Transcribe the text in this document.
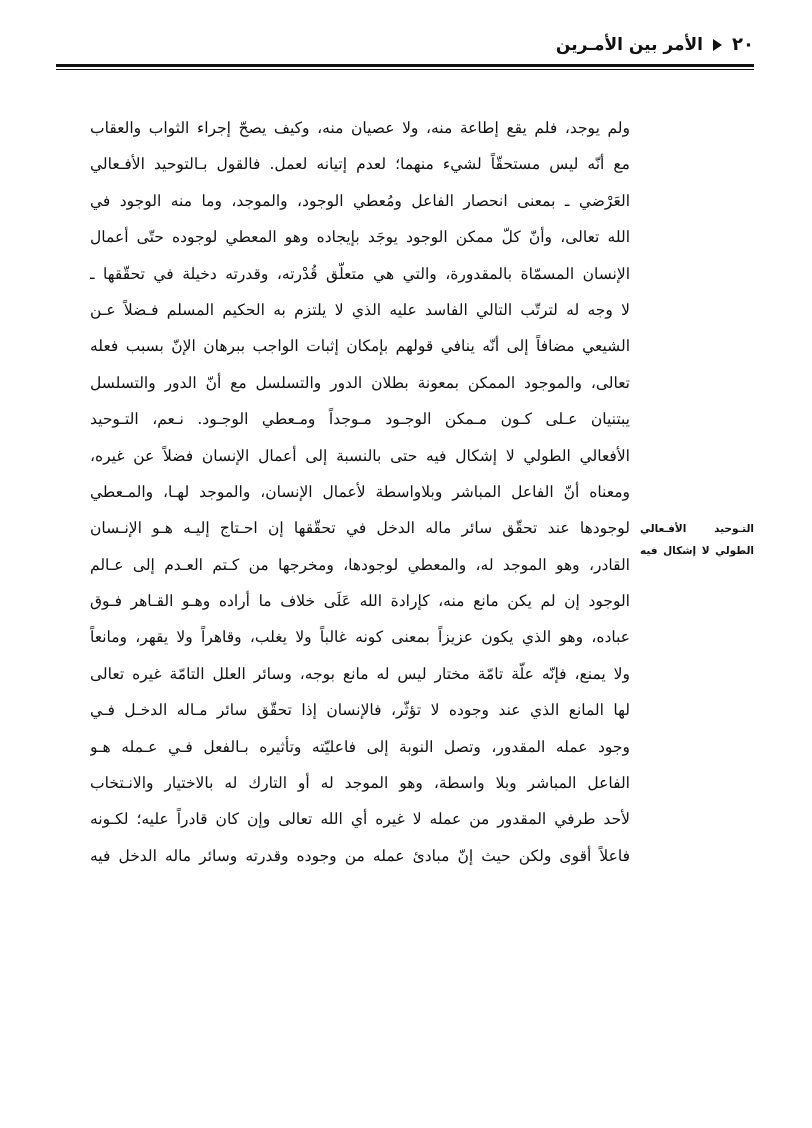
٢٠
الأمر بين الأمـرين
ولم يوجد، فلم يقع إطاعة منه، ولا عصيان منه، وكيف يصحّ إجراء الثواب والعقاب
مع أنّه ليس مستحقّاً لشيء منهما؛ لعدم إتيانه لعمل. فالقول بـالتوحيد الأفـعالي
العَرْضي ـ بمعنى انحصار الفاعل ومُعطي الوجود، والموجد، وما منه الوجود في
الله تعالى، وأنّ كلّ ممكن الوجود يوجَد بإيجاده وهو المعطي لوجوده حتّى أعمال
الإنسان المسمّاة بالمقدورة، والتي هي متعلّق قُدْرته، وقدرته دخيلة في تحقّقها ـ
لا وجه له لترتّب التالي الفاسد عليه الذي لا يلتزم به الحكيم المسلم فـضلاً عـن
الشيعي مضافاً إلى أنّه ينافي قولهم بإمكان إثبات الواجب ببرهان الإنّ بسبب فعله
تعالى، والموجود الممكن بمعونة بطلان الدور والتسلسل مع أنّ الدور والتسلسل
يبتنيان عـلى كـون مـمكن الوجـود مـوجداً ومـعطي الوجـود. نـعم، التـوحيد
الأفعالي الطولي لا إشكال فيه حتى بالنسبة إلى أعمال الإنسان فضلاً عن غيره،
ومعناه أنّ الفاعل المباشر وبلاواسطة لأعمال الإنسان، والموجد لهـا، والمـعطي
لوجودها عند تحقّق سائر ماله الدخل في تحقّقها إن احـتاج إليـه هـو الإنـسان
القادر، وهو الموجد له، والمعطي لوجودها، ومخرجها من كـتم العـدم إلى عـالم
الوجود إن لم يكن مانع منه، كإرادة الله عَلَى خلاف ما أراده وهـو القـاهر فـوق
عباده، وهو الذي يكون عزيزاً بمعنى كونه غالباً ولا يغلب، وقاهراً ولا يقهر، ومانعاً
ولا يمنع، فإنّه علّة تامّة مختار ليس له مانع بوجه، وسائر العلل التامّة غيره تعالى
لها المانع الذي عند وجوده لا تؤثّر، فالإنسان إذا تحقّق سائر مـاله الدخـل فـي
وجود عمله المقدور، وتصل النوبة إلى فاعليّته وتأثيره بـالفعل فـي عـمله هـو
الفاعل المباشر وبلا واسطة، وهو الموجد له أو التارك له بالاختيار والانـتخاب
لأحد طرفي المقدور من عمله لا غيره أي الله تعالى وإن كان قادراً عليه؛ لكـونه
فاعلاً أقوى ولكن حيث إنّ مبادئ عمله من وجوده وقدرته وسائر ماله الدخل فيه
التـوحيد الأفـعالي
الطولي لا إشكال فيه
